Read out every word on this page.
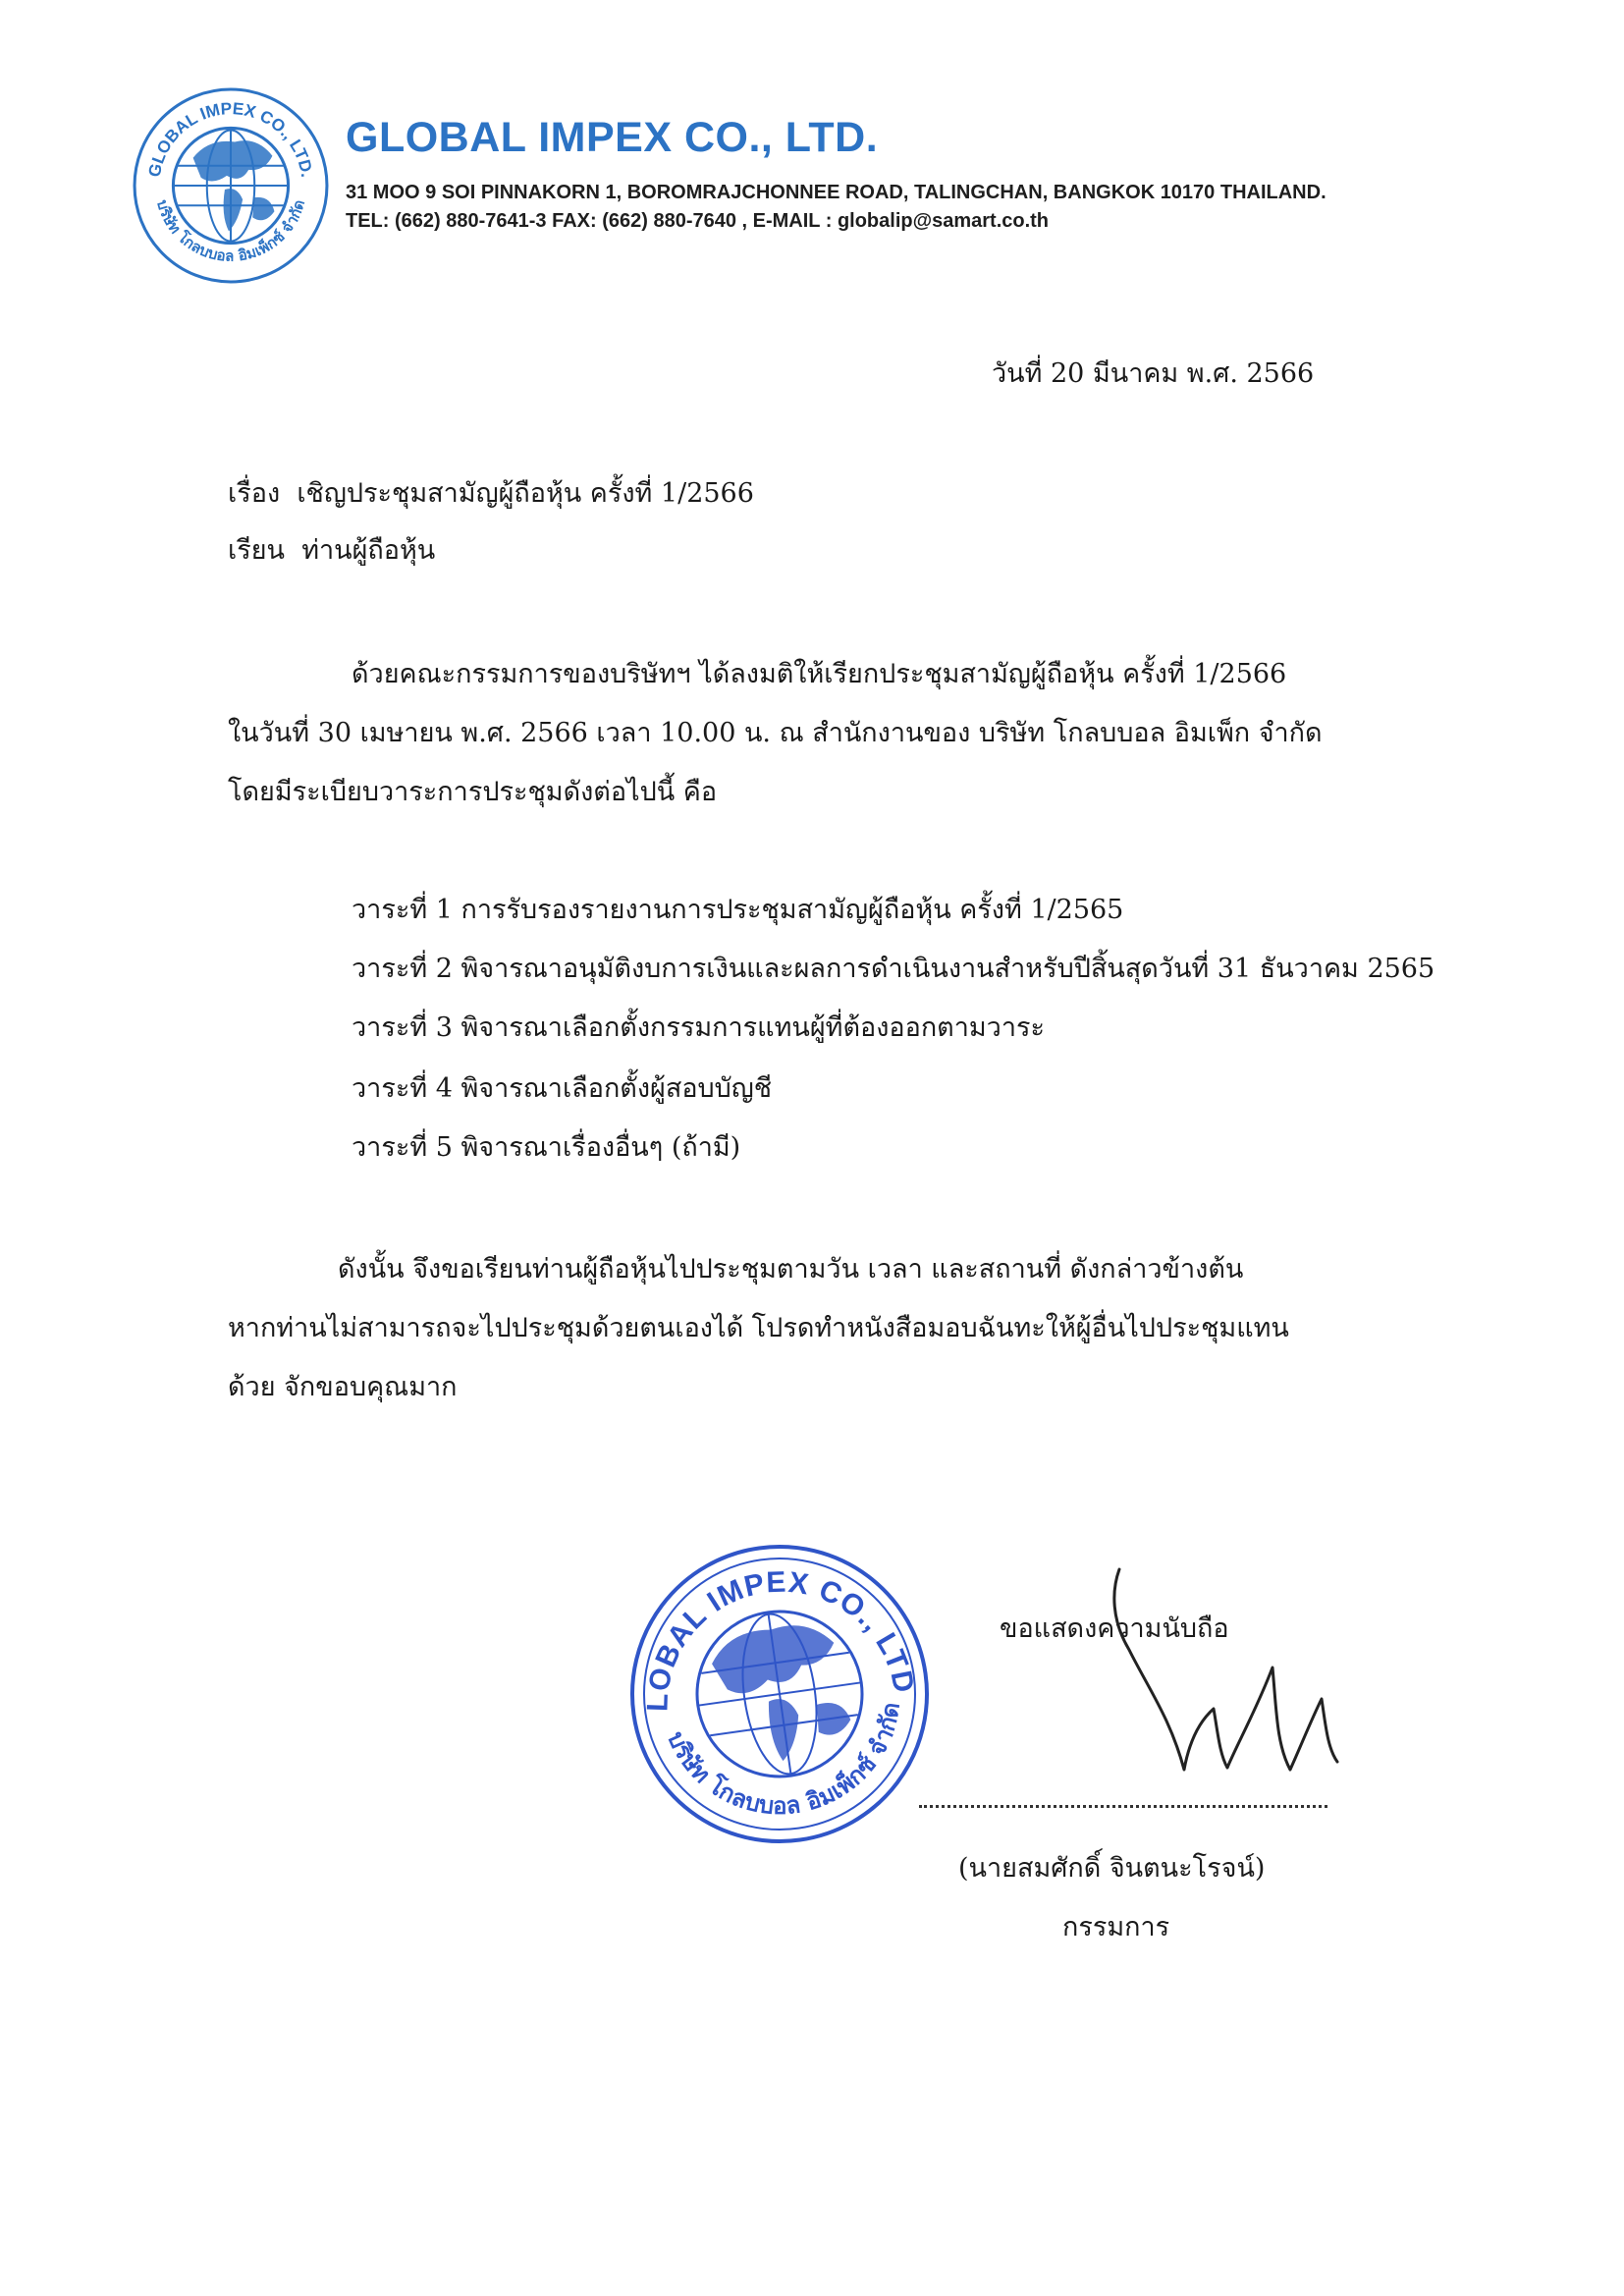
GLOBAL IMPEX CO., LTD.
บริษัท โกลบบอล อิมเพ็กซ์ จำกัด
GLOBAL IMPEX CO., LTD.
31 MOO 9 SOI PINNAKORN 1, BOROMRAJCHONNEE ROAD, TALINGCHAN, BANGKOK 10170 THAILAND.
TEL: (662) 880-7641-3 FAX: (662) 880-7640 , E-MAIL : globalip@samart.co.th
วันที่ 20 มีนาคม พ.ศ. 2566
เรื่อง เชิญประชุมสามัญผู้ถือหุ้น ครั้งที่ 1/2566
เรียน ท่านผู้ถือหุ้น
ด้วยคณะกรรมการของบริษัทฯ ได้ลงมติให้เรียกประชุมสามัญผู้ถือหุ้น ครั้งที่ 1/2566
ในวันที่ 30 เมษายน พ.ศ. 2566 เวลา 10.00 น. ณ สำนักงานของ บริษัท โกลบบอล อิมเพ็ก จำกัด
โดยมีระเบียบวาระการประชุมดังต่อไปนี้ คือ
วาระที่ 1 การรับรองรายงานการประชุมสามัญผู้ถือหุ้น ครั้งที่ 1/2565
วาระที่ 2 พิจารณาอนุมัติงบการเงินและผลการดำเนินงานสำหรับปีสิ้นสุดวันที่ 31 ธันวาคม 2565
วาระที่ 3 พิจารณาเลือกตั้งกรรมการแทนผู้ที่ต้องออกตามวาระ
วาระที่ 4 พิจารณาเลือกตั้งผู้สอบบัญชี
วาระที่ 5 พิจารณาเรื่องอื่นๆ (ถ้ามี)
ดังนั้น จึงขอเรียนท่านผู้ถือหุ้นไปประชุมตามวัน เวลา และสถานที่ ดังกล่าวข้างต้น
หากท่านไม่สามารถจะไปประชุมด้วยตนเองได้ โปรดทำหนังสือมอบฉันทะให้ผู้อื่นไปประชุมแทน
ด้วย จักขอบคุณมาก
GLOBAL IMPEX CO., LTD.
บริษัท โกลบบอล อิมเพ็กซ์ จำกัด
ขอแสดงความนับถือ
(นายสมศักดิ์ จินตนะโรจน์)
กรรมการ
